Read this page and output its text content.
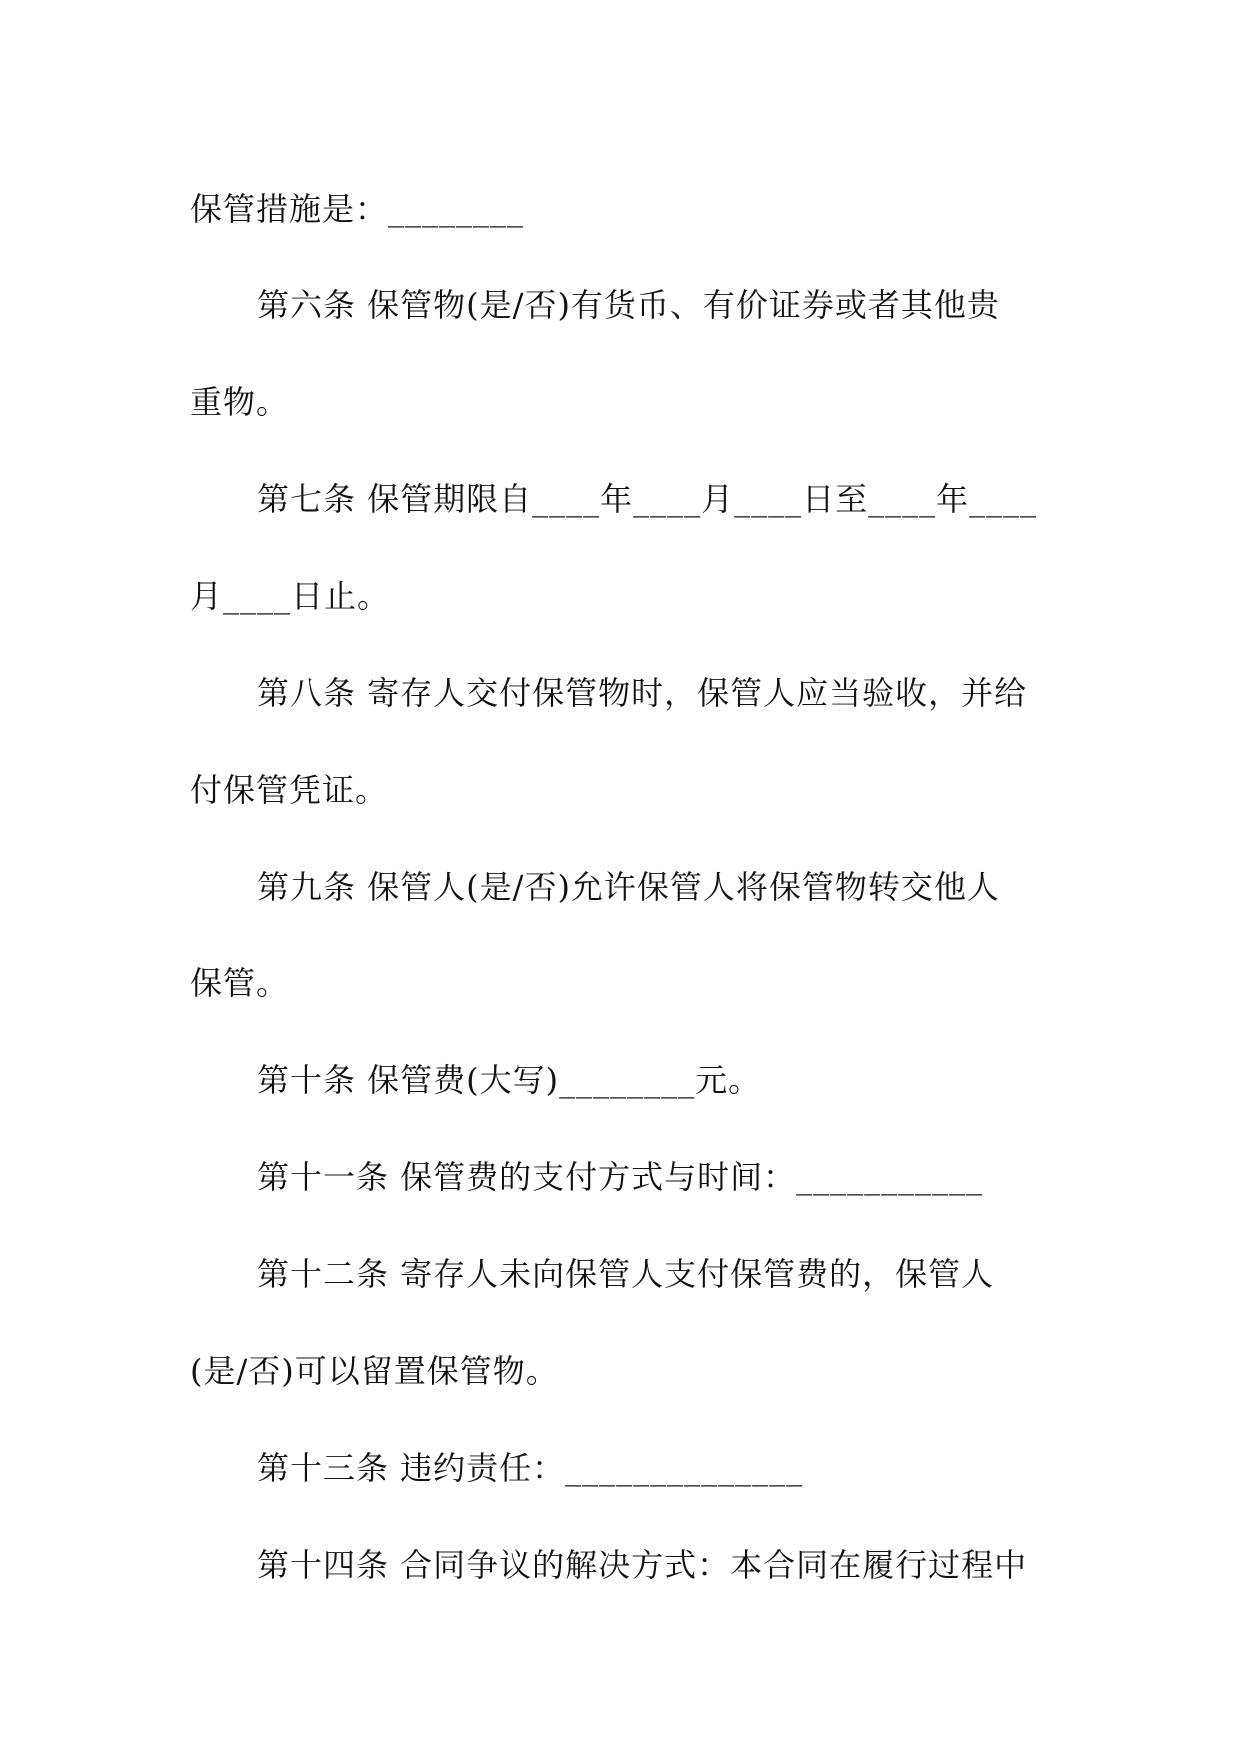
保管措施是：________
第六条 保管物(是/否)有货币、有价证券或者其他贵
重物。
第七条 保管期限自____年____月____日至____年____
月____日止。
第八条 寄存人交付保管物时，保管人应当验收，并给
付保管凭证。
第九条 保管人(是/否)允许保管人将保管物转交他人
保管。
第十条 保管费(大写)________元。
第十一条 保管费的支付方式与时间：___________
第十二条 寄存人未向保管人支付保管费的，保管人
(是/否)可以留置保管物。
第十三条 违约责任：______________
第十四条 合同争议的解决方式：本合同在履行过程中
